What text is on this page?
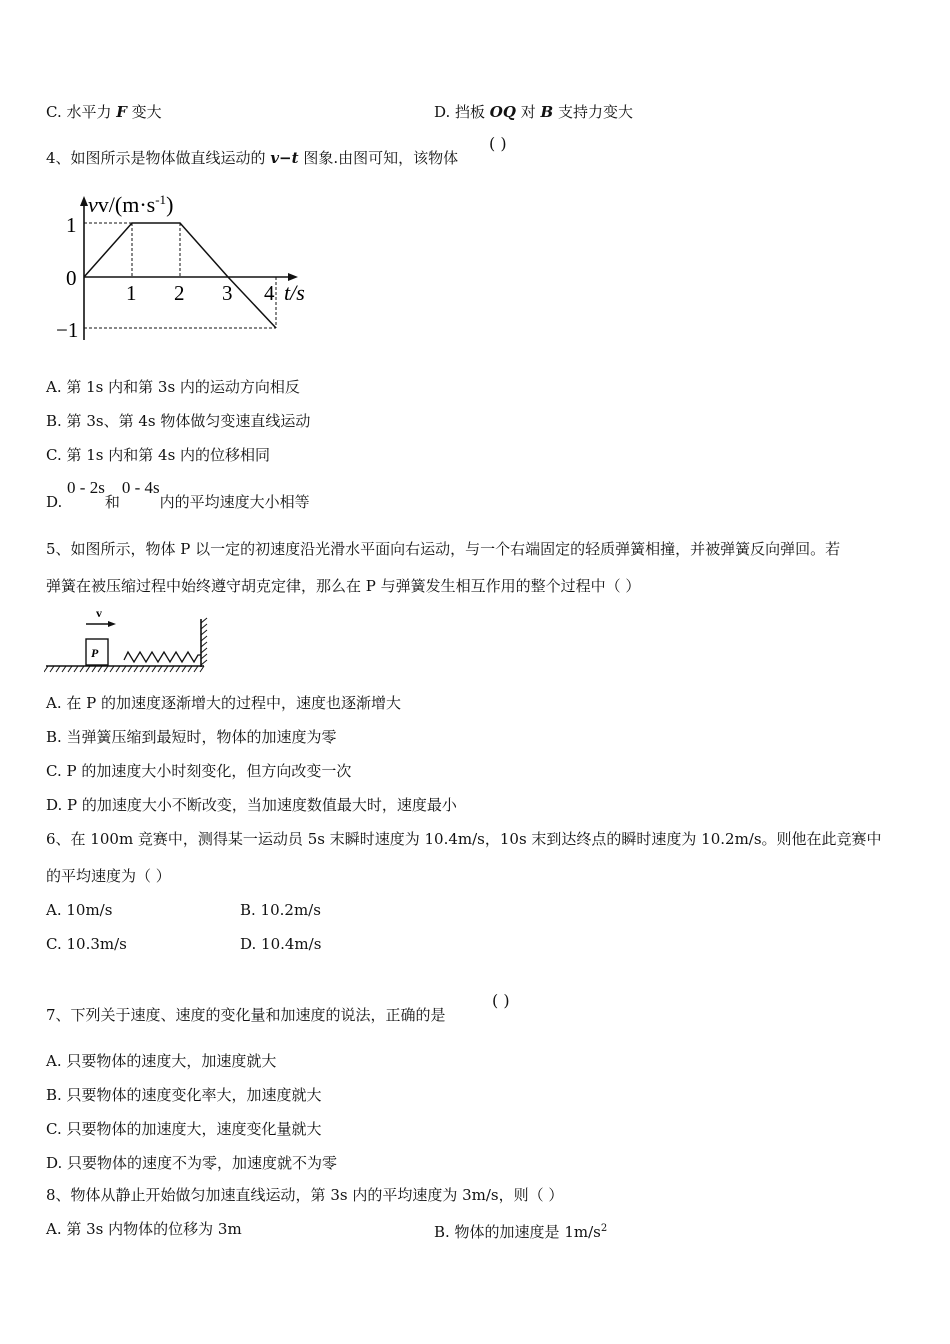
C. 水平力 F 变大	D. 挡板 OQ 对 B 支持力变大
4、如图所示是物体做直线运动的 v−t 图象.由图可知，该物体
( )
$vv/(m\cdot s^{-1})$
1
0
−1
1 2 3 4 t/s
A. 第 1s 内和第 3s 内的运动方向相反
B. 第 3s、第 4s 物体做匀变速直线运动
C. 第 1s 内和第 4s 内的位移相同
D. 0 - 2s和0 - 4s内的平均速度大小相等
5、如图所示，物体 P 以一定的初速度沿光滑水平面向右运动，与一个右端固定的轻质弹簧相撞，并被弹簧反向弹回。若
弹簧在被压缩过程中始终遵守胡克定律，那么在 P 与弹簧发生相互作用的整个过程中（ ）
v
P
A. 在 P 的加速度逐渐增大的过程中，速度也逐渐增大
B. 当弹簧压缩到最短时，物体的加速度为零
C. P 的加速度大小时刻变化，但方向改变一次
D. P 的加速度大小不断改变，当加速度数值最大时，速度最小
6、在 100m 竞赛中，测得某一运动员 5s 末瞬时速度为 10.4m/s，10s 末到达终点的瞬时速度为 10.2m/s。则他在此竞赛中
的平均速度为（ ）
A. 10m/s	B. 10.2m/s
C. 10.3m/s	D. 10.4m/s
7、下列关于速度、速度的变化量和加速度的说法，正确的是
( )
A. 只要物体的速度大，加速度就大
B. 只要物体的速度变化率大，加速度就大
C. 只要物体的加速度大，速度变化量就大
D. 只要物体的速度不为零，加速度就不为零
8、物体从静止开始做匀加速直线运动，第 3s 内的平均速度为 3m/s，则（ ）
A. 第 3s 内物体的位移为 3m	B. 物体的加速度是 $1m/s^2$
